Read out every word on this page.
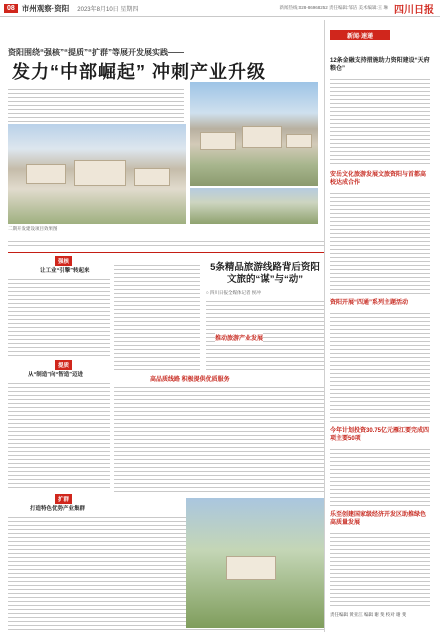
08 市州观察·资阳 2023年8月10日 星期四	新闻热线:028-86968252 责任编辑:邹洁 美术编辑:王 琳 四川日报
资阳围绕“强核”“提质”“扩群”等展开发展实践——
发力“中部崛起” 冲刺产业升级
二期开发建设项目效果图
强核
让工业“引擎”转起来
提质
从“制造”向“智造”迈进
扩群
打造特色优势产业集群
5条精品旅游线路背后资阳文旅的“谋”与“动”
○ 四川日报全媒体记者 侯冲
推动旅游产业发展
高品质线路 积极提供优质服务
新闻·速递
12条金融支持措施助力资阳建设“天府粮仓”
安岳文化旅游发展文旅资阳与首都高校达成合作
资阳开展“四通”系列主题活动
今年计划投资30.75亿元雁江要完成四项主要50项
乐至创建国家级经济开发区助推绿色高质量发展
责任编辑 黄亚江 编辑 谢 斐 校对 谢 斐
